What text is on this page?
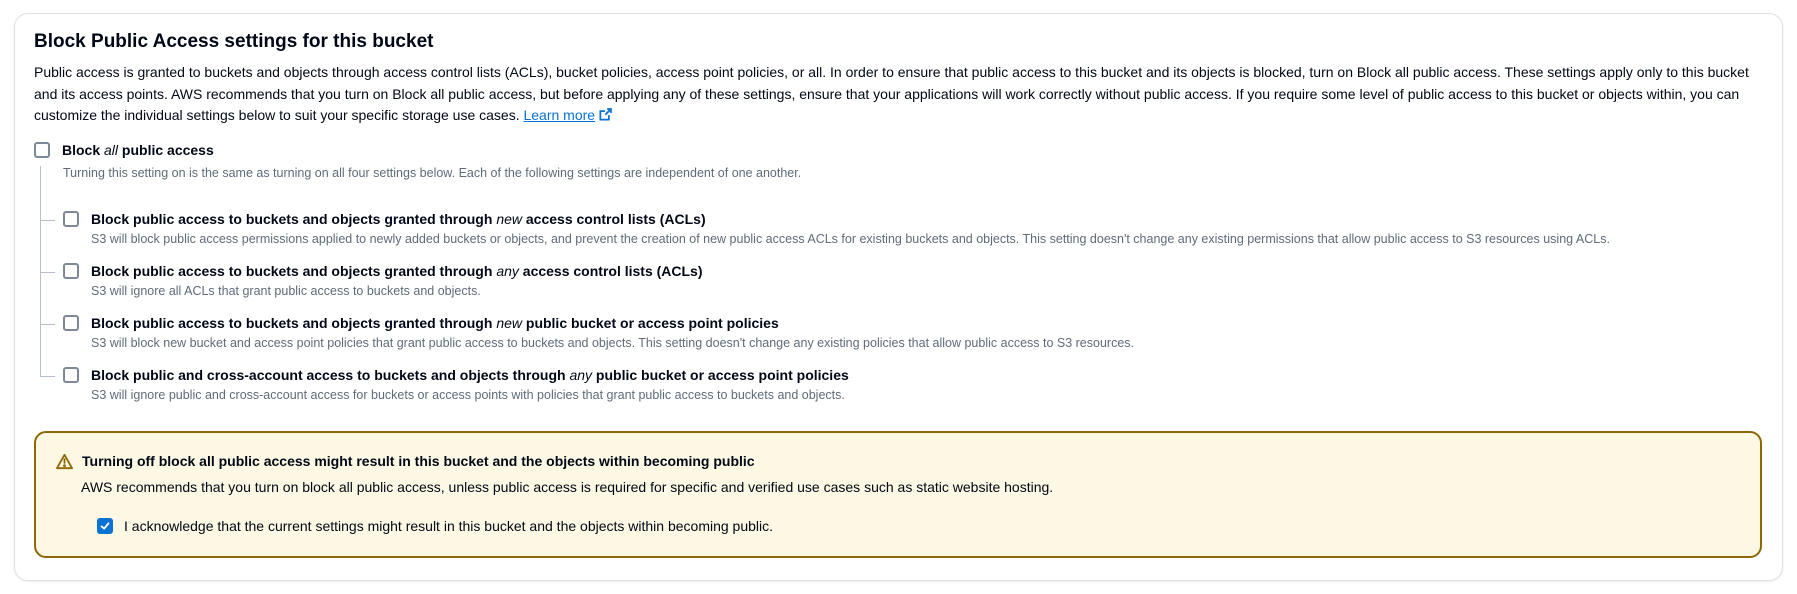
Block Public Access settings for this bucket

Public access is granted to buckets and objects through access control lists (ACLs), bucket policies, access point policies, or all. In order to ensure that public access to this bucket and its objects is blocked, turn on Block all public access. These settings apply only to this bucket and its access points. AWS recommends that you turn on Block all public access, but before applying any of these settings, ensure that your applications will work correctly without public access. If you require some level of public access to this bucket or objects within, you can customize the individual settings below to suit your specific storage use cases. Learn more

Block all public access
Turning this setting on is the same as turning on all four settings below. Each of the following settings are independent of one another.
Block public access to buckets and objects granted through new access control lists (ACLs)
S3 will block public access permissions applied to newly added buckets or objects, and prevent the creation of new public access ACLs for existing buckets and objects. This setting doesn't change any existing permissions that allow public access to S3 resources using ACLs.
Block public access to buckets and objects granted through any access control lists (ACLs)
S3 will ignore all ACLs that grant public access to buckets and objects.
Block public access to buckets and objects granted through new public bucket or access point policies
S3 will block new bucket and access point policies that grant public access to buckets and objects. This setting doesn't change any existing policies that allow public access to S3 resources.
Block public and cross-account access to buckets and objects through any public bucket or access point policies
S3 will ignore public and cross-account access for buckets or access points with policies that grant public access to buckets and objects.
Turning off block all public access might result in this bucket and the objects within becoming public
AWS recommends that you turn on block all public access, unless public access is required for specific and verified use cases such as static website hosting.
I acknowledge that the current settings might result in this bucket and the objects within becoming public.
